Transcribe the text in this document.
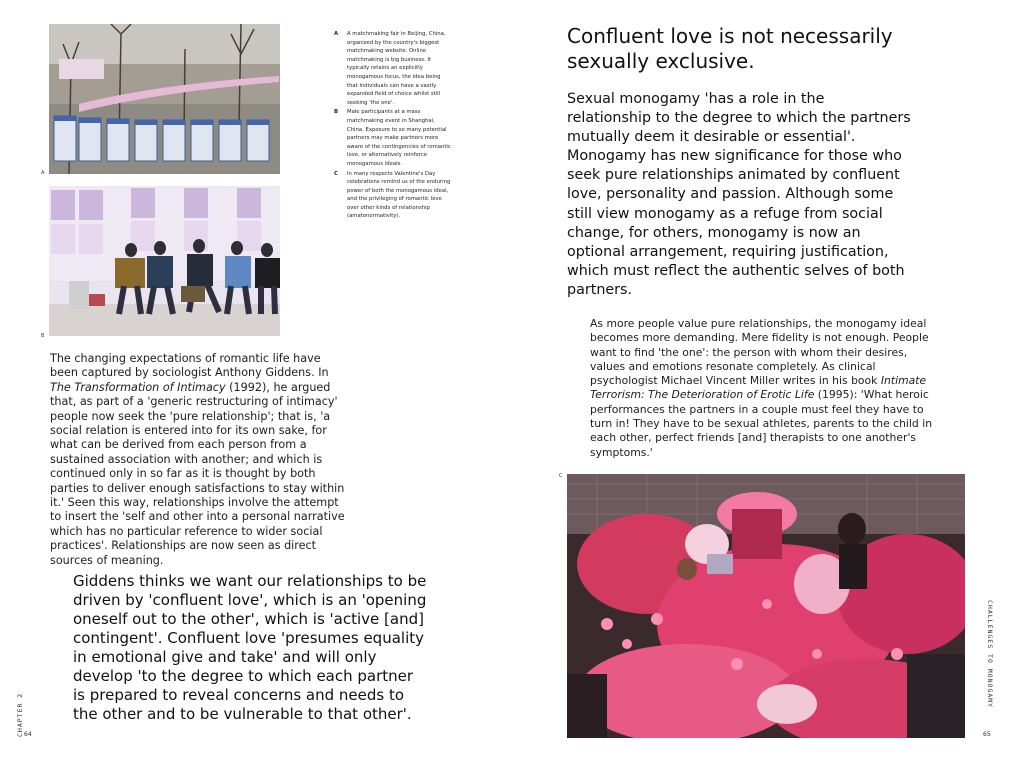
A
B
A A matchmaking fair in Beijing, China, organized by the country's biggest matchmaking website. Online matchmaking is big business. It typically retains an explicitly monogamous focus, the idea being that individuals can have a vastly expanded field of choice whilst still seeking 'the one'.
B Male participants at a mass matchmaking event in Shanghai, China. Exposure to so many potential partners may make partners more aware of the contingencies of romantic love, or alternatively reinforce monogamous ideals.
C In many respects Valentine's Day celebrations remind us of the enduring power of both the monogamous ideal, and the privileging of romantic love over other kinds of relationship (amatonormativity).

The changing expectations of romantic life have been captured by sociologist Anthony Giddens. In The Transformation of Intimacy (1992), he argued that, as part of a 'generic restructuring of intimacy' people now seek the 'pure relationship'; that is, 'a social relation is entered into for its own sake, for what can be derived from each person from a sustained association with another; and which is continued only in so far as it is thought by both parties to deliver enough satisfactions to stay within it.' Seen this way, relationships involve the attempt to insert the 'self and other into a personal narrative which has no particular reference to wider social practices'. Relationships are now seen as direct sources of meaning.

Giddens thinks we want our relationships to be driven by 'confluent love', which is an 'opening oneself out to the other', which is 'active [and] contingent'. Confluent love 'presumes equality in emotional give and take' and will only develop 'to the degree to which each partner is prepared to reveal concerns and needs to the other and to be vulnerable to that other'.

Confluent love is not necessarily sexually exclusive.

Sexual monogamy 'has a role in the relationship to the degree to which the partners mutually deem it desirable or essential'. Monogamy has new significance for those who seek pure relationships animated by confluent love, personality and passion. Although some still view monogamy as a refuge from social change, for others, monogamy is now an optional arrangement, requiring justification, which must reflect the authentic selves of both partners.

As more people value pure relationships, the monogamy ideal becomes more demanding. Mere fidelity is not enough. People want to find 'the one': the person with whom their desires, values and emotions resonate completely. As clinical psychologist Michael Vincent Miller writes in his book Intimate Terrorism: The Deterioration of Erotic Life (1995): 'What heroic performances the partners in a couple must feel they have to turn in! They have to be sexual athletes, parents to the child in each other, perfect friends [and] therapists to one another's symptoms.'

C
CHAPTER 2 64
CHALLENGES TO MONOGAMY
65
